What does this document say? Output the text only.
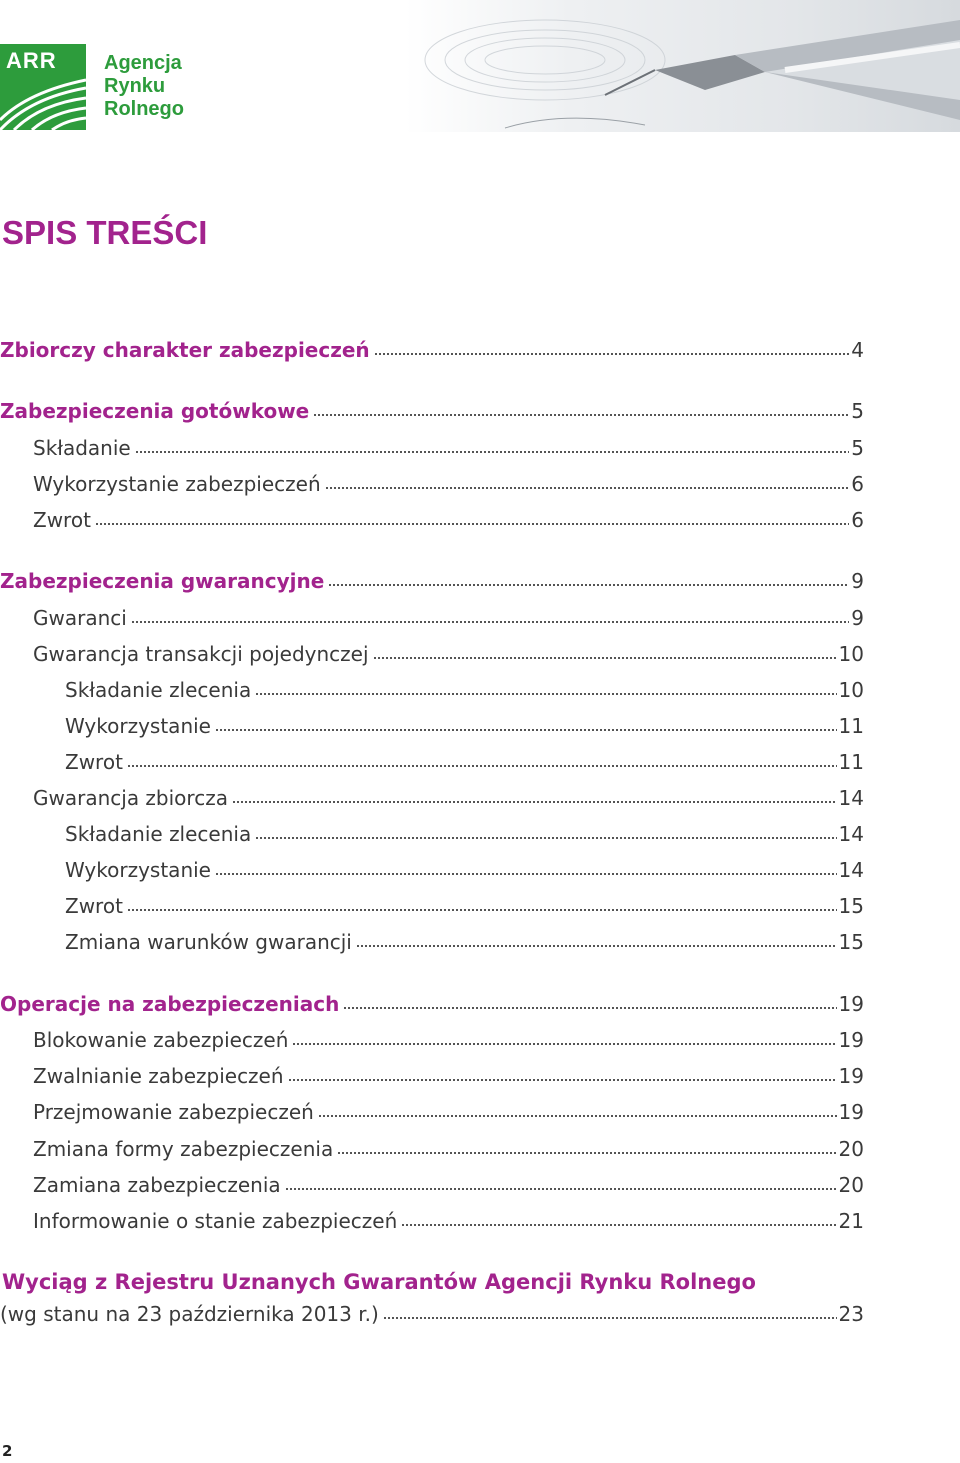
ARR Agencja Rynku Rolnego
SPIS TREŚCI
Zbiorczy charakter zabezpieczeń	4
Zabezpieczenia gotówkowe	5
Składanie	5
Wykorzystanie zabezpieczeń	6
Zwrot	6
Zabezpieczenia gwarancyjne	9
Gwaranci	9
Gwarancja transakcji pojedynczej	10
Składanie zlecenia	10
Wykorzystanie	11
Zwrot	11
Gwarancja zbiorcza	14
Składanie zlecenia	14
Wykorzystanie	14
Zwrot	15
Zmiana warunków gwarancji	15
Operacje na zabezpieczeniach	19
Blokowanie zabezpieczeń	19
Zwalnianie zabezpieczeń	19
Przejmowanie zabezpieczeń	19
Zmiana formy zabezpieczenia	20
Zamiana zabezpieczenia	20
Informowanie o stanie zabezpieczeń	21
Wyciąg z Rejestru Uznanych Gwarantów Agencji Rynku Rolnego
(wg stanu na 23 października 2013 r.)	23
2
